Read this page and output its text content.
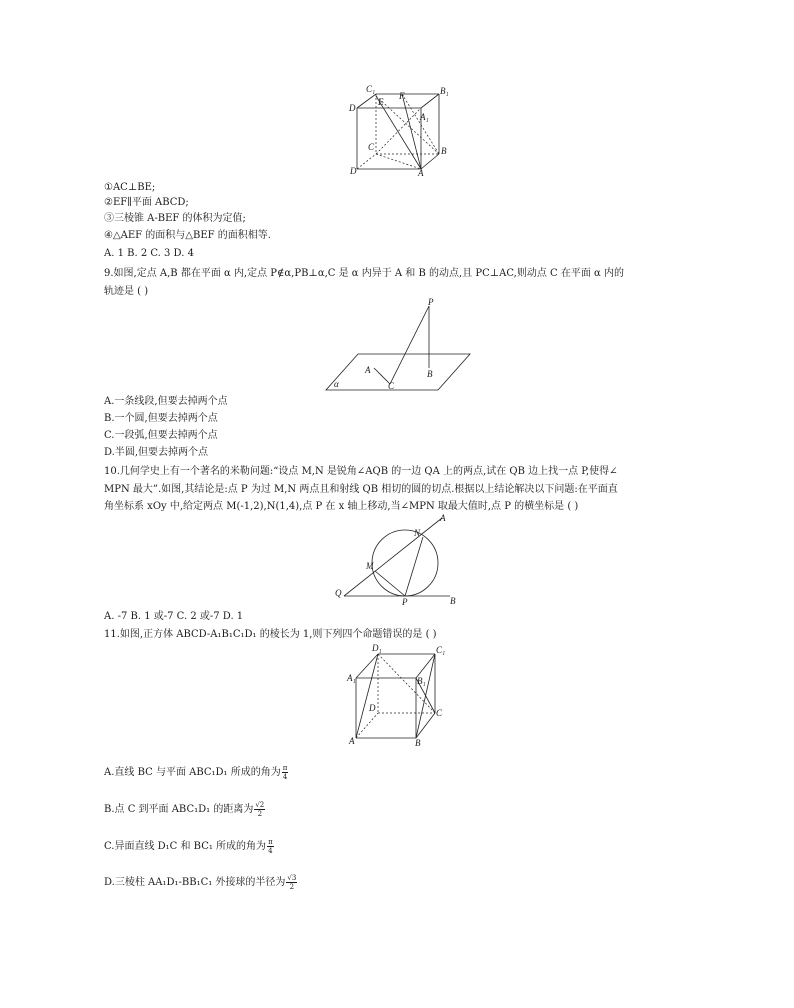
C₁	B₁
D
E
F
A₁
C	B
D	A
①AC⊥BE;
②EF∥平面 ABCD;
③三棱锥 A-BEF 的体积为定值;
④△AEF 的面积与△BEF 的面积相等.
A. 1 B. 2 C. 3 D. 4
9.如图,定点 A,B 都在平面 α 内,定点 P∉α,PB⊥α,C 是 α 内异于 A 和 B 的动点,且 PC⊥AC,则动点 C 在平面 α 内的
轨迹是 ( )
P
A
C
B
α
A.一条线段,但要去掉两个点
B.一个圆,但要去掉两个点
C.一段弧,但要去掉两个点
D.半圆,但要去掉两个点
10.几何学史上有一个著名的米勒问题:“设点 M,N 是锐角∠AQB 的一边 QA 上的两点,试在 QB 边上找一点 P,使得∠
MPN 最大”.如图,其结论是:点 P 为过 M,N 两点且和射线 QB 相切的圆的切点.根据以上结论解决以下问题:在平面直
角坐标系 xOy 中,给定两点 M(-1,2),N(1,4),点 P 在 x 轴上移动,当∠MPN 取最大值时,点 P 的横坐标是 ( )
A
N
M
Q
P	B
A. -7 B. 1 或-7 C. 2 或-7 D. 1
11.如图,正方体 ABCD-A₁B₁C₁D₁ 的棱长为 1,则下列四个命题错误的是 ( )
D₁	C₁
A₁	B₁
D	C
A	B
A.直线 BC 与平面 ABC₁D₁ 所成的角为 $\frac{\pi}{4}$
B.点 C 到平面 ABC₁D₁ 的距离为 $\frac{√2}{2}$
C.异面直线 D₁C 和 BC₁ 所成的角为 $\frac{\pi}{4}$
D.三棱柱 AA₁D₁-BB₁C₁ 外接球的半径为 $\frac{√3}{2}$
